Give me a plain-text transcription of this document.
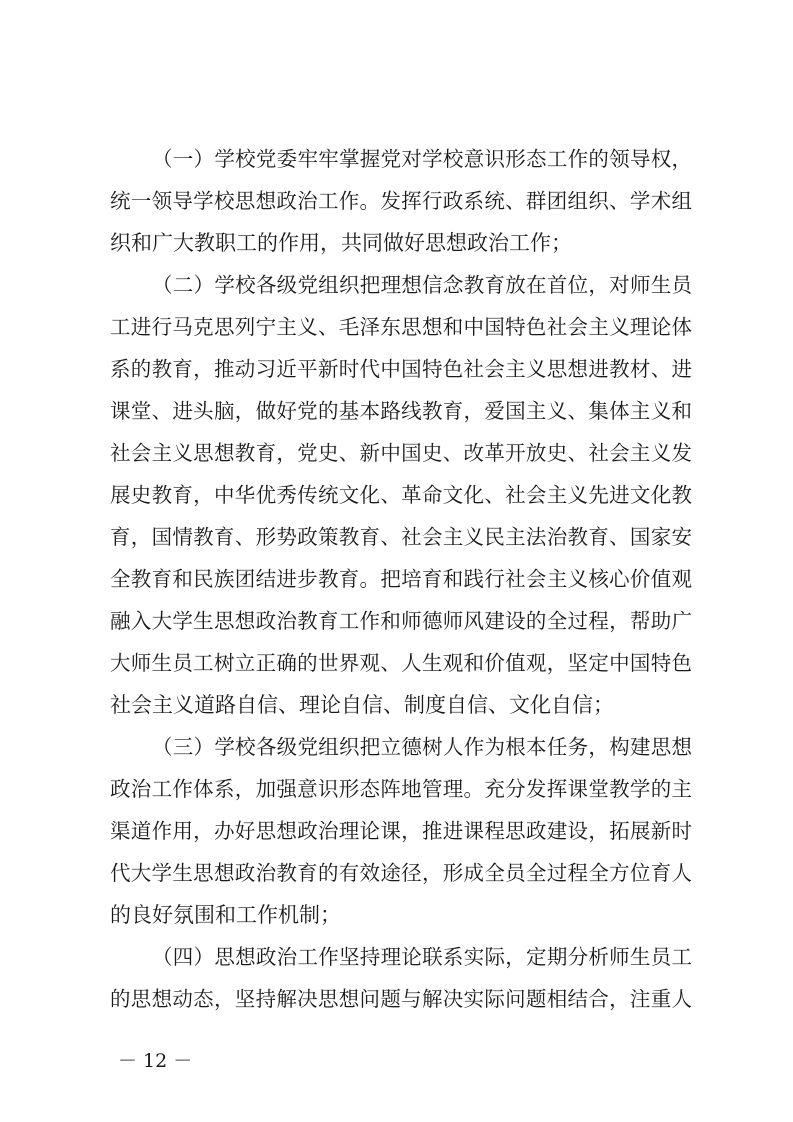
（一）学校党委牢牢掌握党对学校意识形态工作的领导权，

统一领导学校思想政治工作。发挥行政系统、群团组织、学术组

织和广大教职工的作用，共同做好思想政治工作；

（二）学校各级党组织把理想信念教育放在首位，对师生员

工进行马克思列宁主义、毛泽东思想和中国特色社会主义理论体

系的教育，推动习近平新时代中国特色社会主义思想进教材、进

课堂、进头脑，做好党的基本路线教育，爱国主义、集体主义和

社会主义思想教育，党史、新中国史、改革开放史、社会主义发

展史教育，中华优秀传统文化、革命文化、社会主义先进文化教

育，国情教育、形势政策教育、社会主义民主法治教育、国家安

全教育和民族团结进步教育。把培育和践行社会主义核心价值观

融入大学生思想政治教育工作和师德师风建设的全过程，帮助广

大师生员工树立正确的世界观、人生观和价值观，坚定中国特色

社会主义道路自信、理论自信、制度自信、文化自信；

（三）学校各级党组织把立德树人作为根本任务，构建思想

政治工作体系，加强意识形态阵地管理。充分发挥课堂教学的主

渠道作用，办好思想政治理论课，推进课程思政建设，拓展新时

代大学生思想政治教育的有效途径，形成全员全过程全方位育人

的良好氛围和工作机制；

（四）思想政治工作坚持理论联系实际，定期分析师生员工

的思想动态，坚持解决思想问题与解决实际问题相结合，注重人

－ 12 －
